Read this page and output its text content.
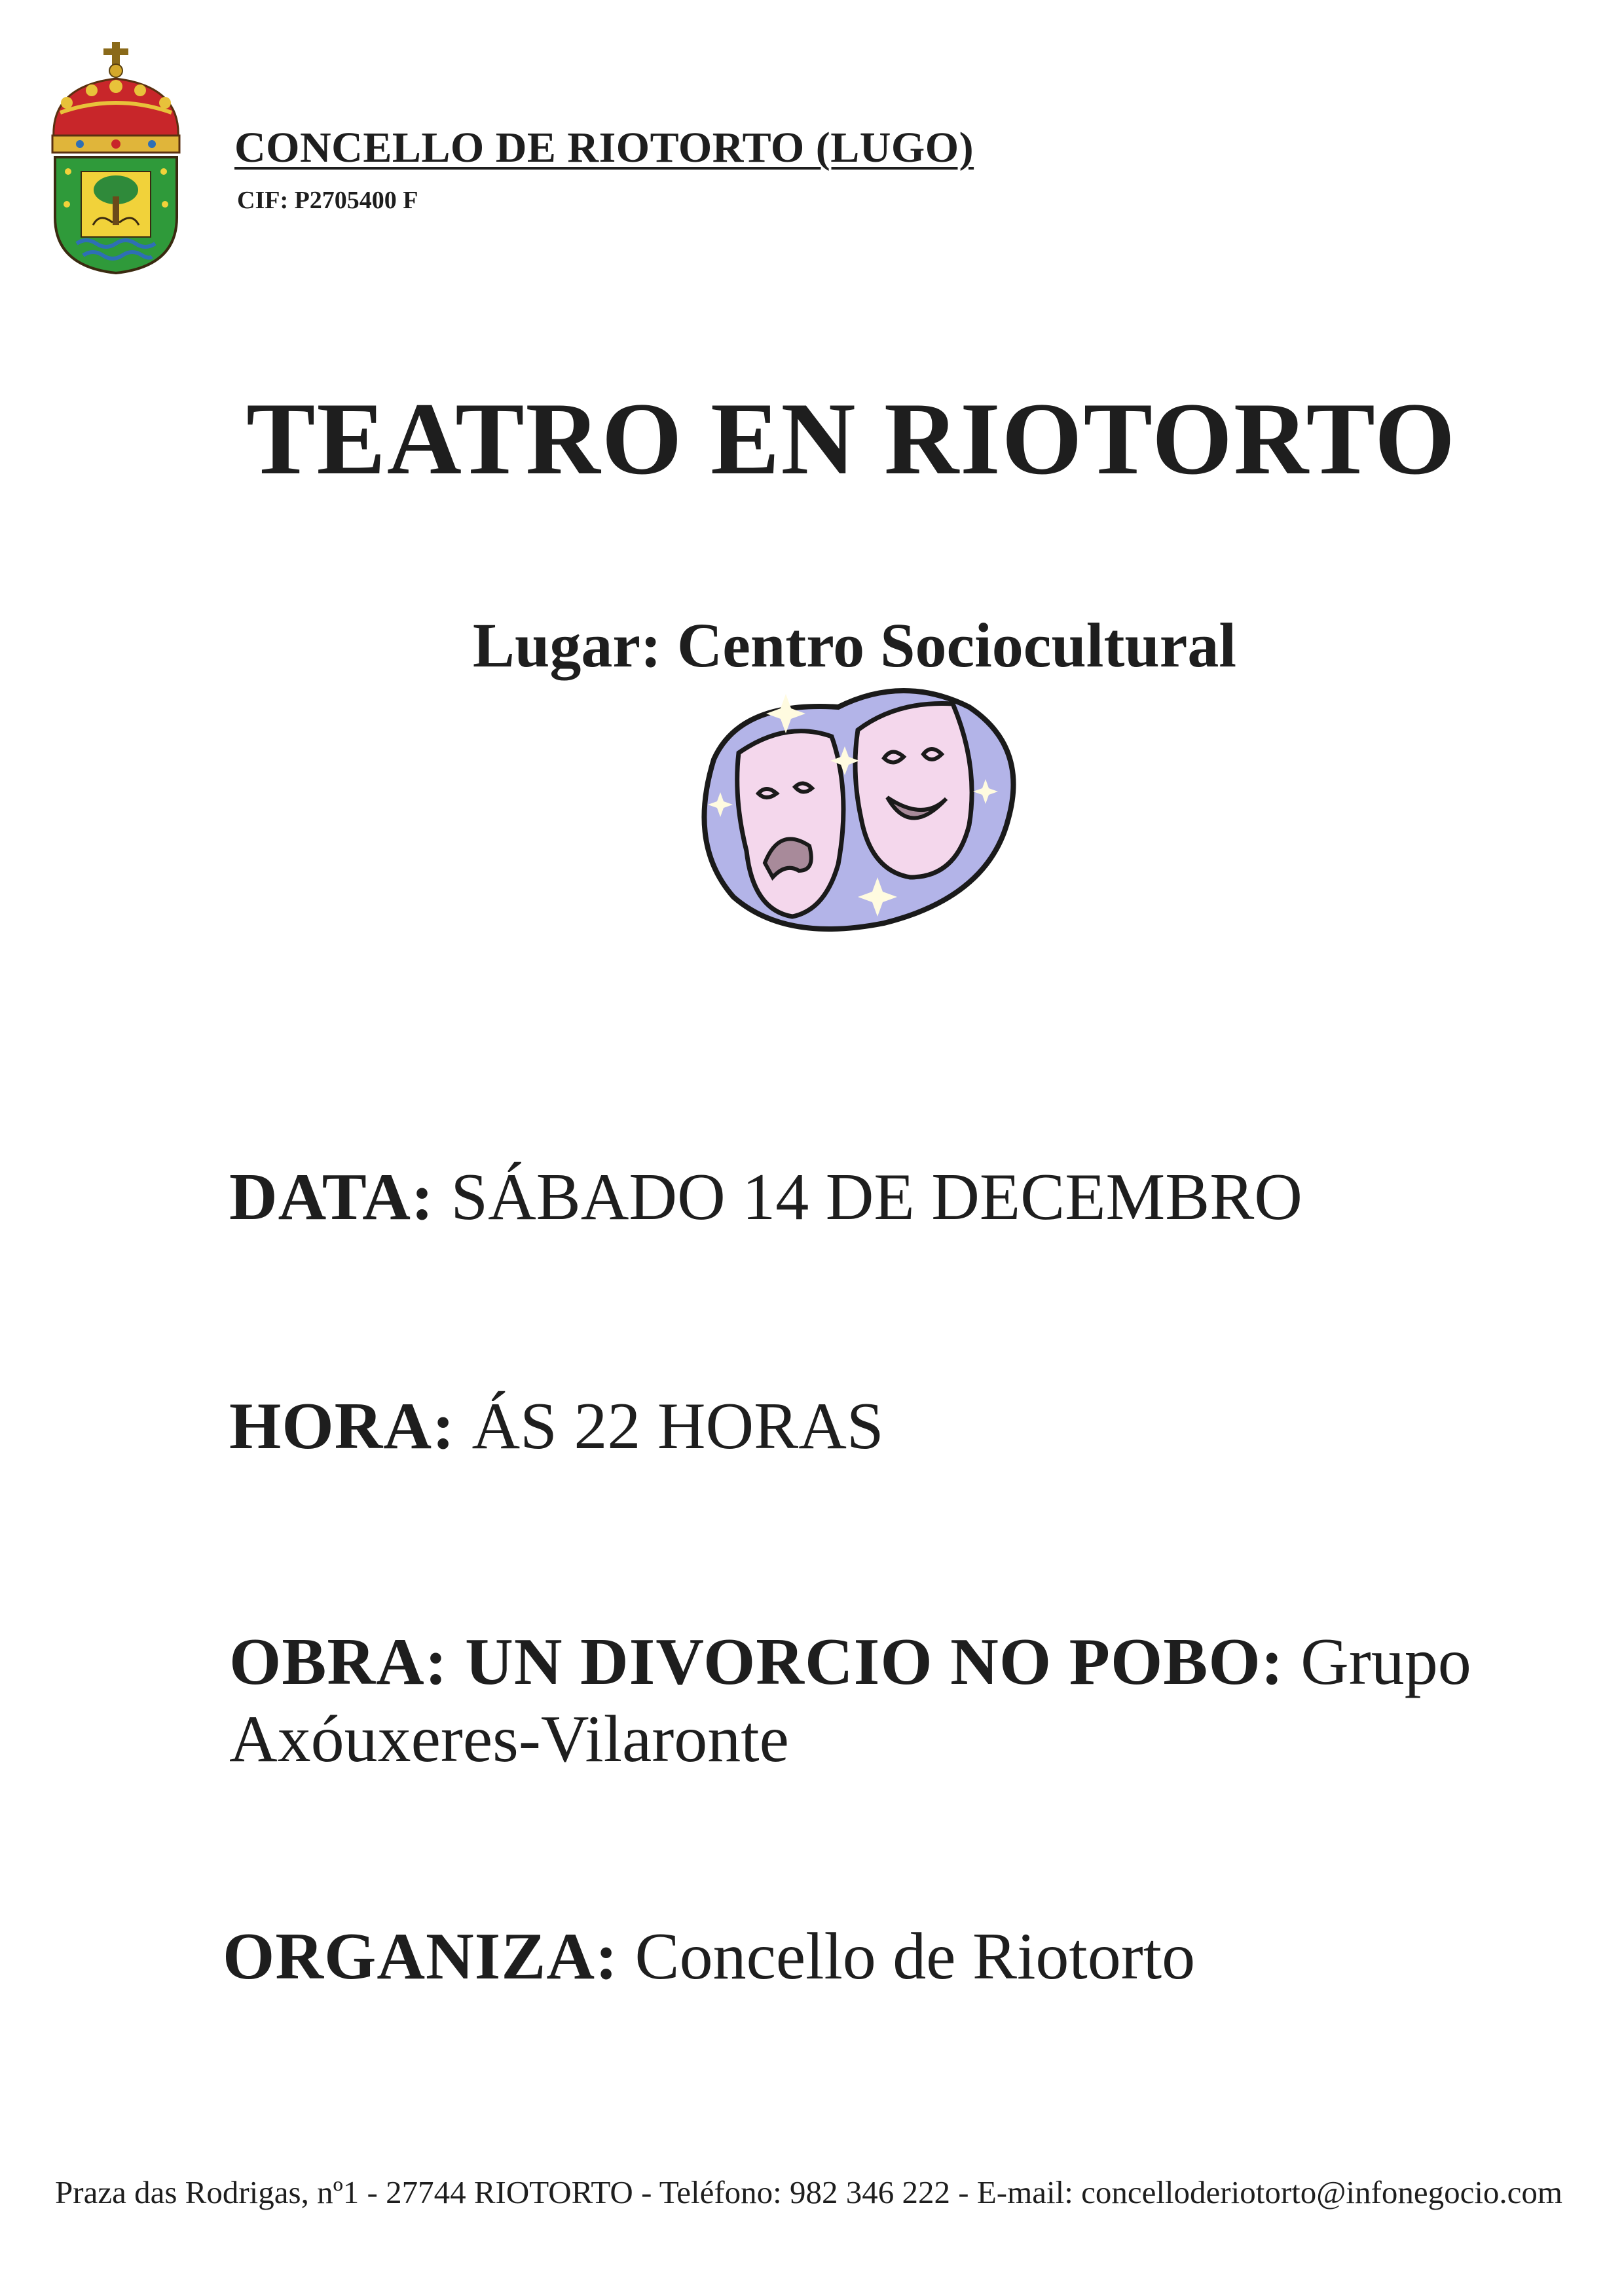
CONCELLO DE RIOTORTO (LUGO)
CIF: P2705400 F
TEATRO EN RIOTORTO
Lugar: Centro Sociocultural
DATA: SÁBADO 14 DE DECEMBRO
HORA: ÁS 22 HORAS
OBRA: UN DIVORCIO NO POBO: Grupo
Axóuxeres-Vilaronte
ORGANIZA: Concello de Riotorto
Praza das Rodrigas, nº1 - 27744 RIOTORTO - Teléfono: 982 346 222 - E-mail: concelloderiotorto@infonegocio.com
